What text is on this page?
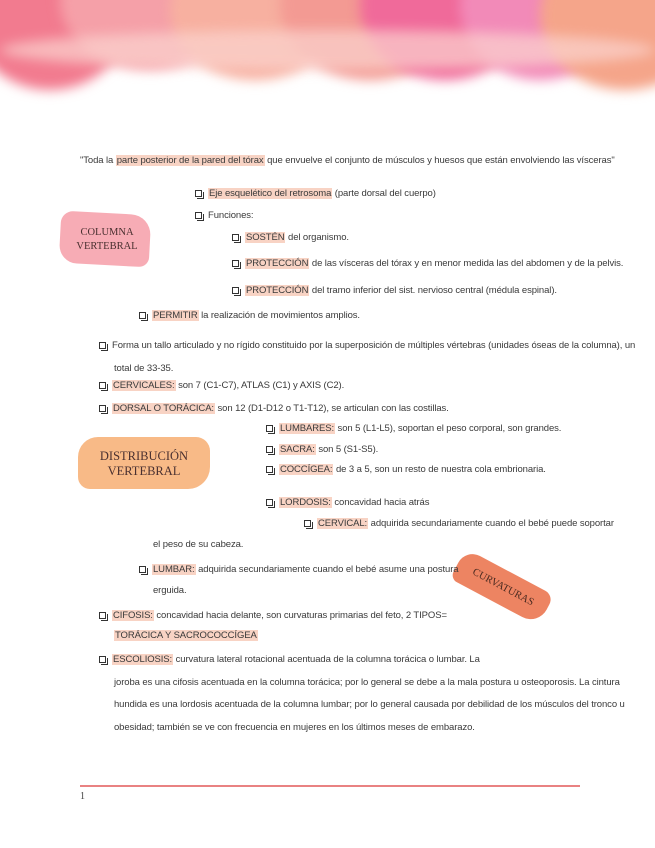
"Toda la parte posterior de la pared del tórax que envuelve el conjunto de músculos y huesos que están envolviendo las vísceras"
COLUMNA
VERTEBRAL
DISTRIBUCIÓN
VERTEBRAL
CURVATURAS
Eje esquelético del retrosoma (parte dorsal del cuerpo)
Funciones:
SOSTÉN del organismo.
PROTECCIÓN de las vísceras del tórax y en menor medida las del abdomen y de la pelvis.
PROTECCIÓN del tramo inferior del sist. nervioso central (médula espinal).
PERMITIR la realización de movimientos amplios.
Forma un tallo articulado y no rígido constituido por la superposición de múltiples vértebras (unidades óseas de la columna), un
total de 33-35.
CERVICALES: son 7 (C1-C7), ATLAS (C1) y AXIS (C2).
DORSAL O TORÁCICA: son 12 (D1-D12 o T1-T12), se articulan con las costillas.
LUMBARES: son 5 (L1-L5), soportan el peso corporal, son grandes.
SACRA: son 5 (S1-S5).
COCCÍGEA: de 3 a 5, son un resto de nuestra cola embrionaria.
LORDOSIS: concavidad hacia atrás
CERVICAL: adquirida secundariamente cuando el bebé puede soportar
el peso de su cabeza.
LUMBAR: adquirida secundariamente cuando el bebé asume una postura
erguida.
CIFOSIS: concavidad hacia delante, son curvaturas primarias del feto, 2 TIPOS=
TORÁCICA Y SACROCOCCÍGEA
ESCOLIOSIS: curvatura lateral rotacional acentuada de la columna torácica o lumbar. La
joroba es una cifosis acentuada en la columna torácica; por lo general se debe a la mala postura u osteoporosis. La cintura
hundida es una lordosis acentuada de la columna lumbar; por lo general causada por debilidad de los músculos del tronco u
obesidad; también se ve con frecuencia en mujeres en los últimos meses de embarazo.
1
